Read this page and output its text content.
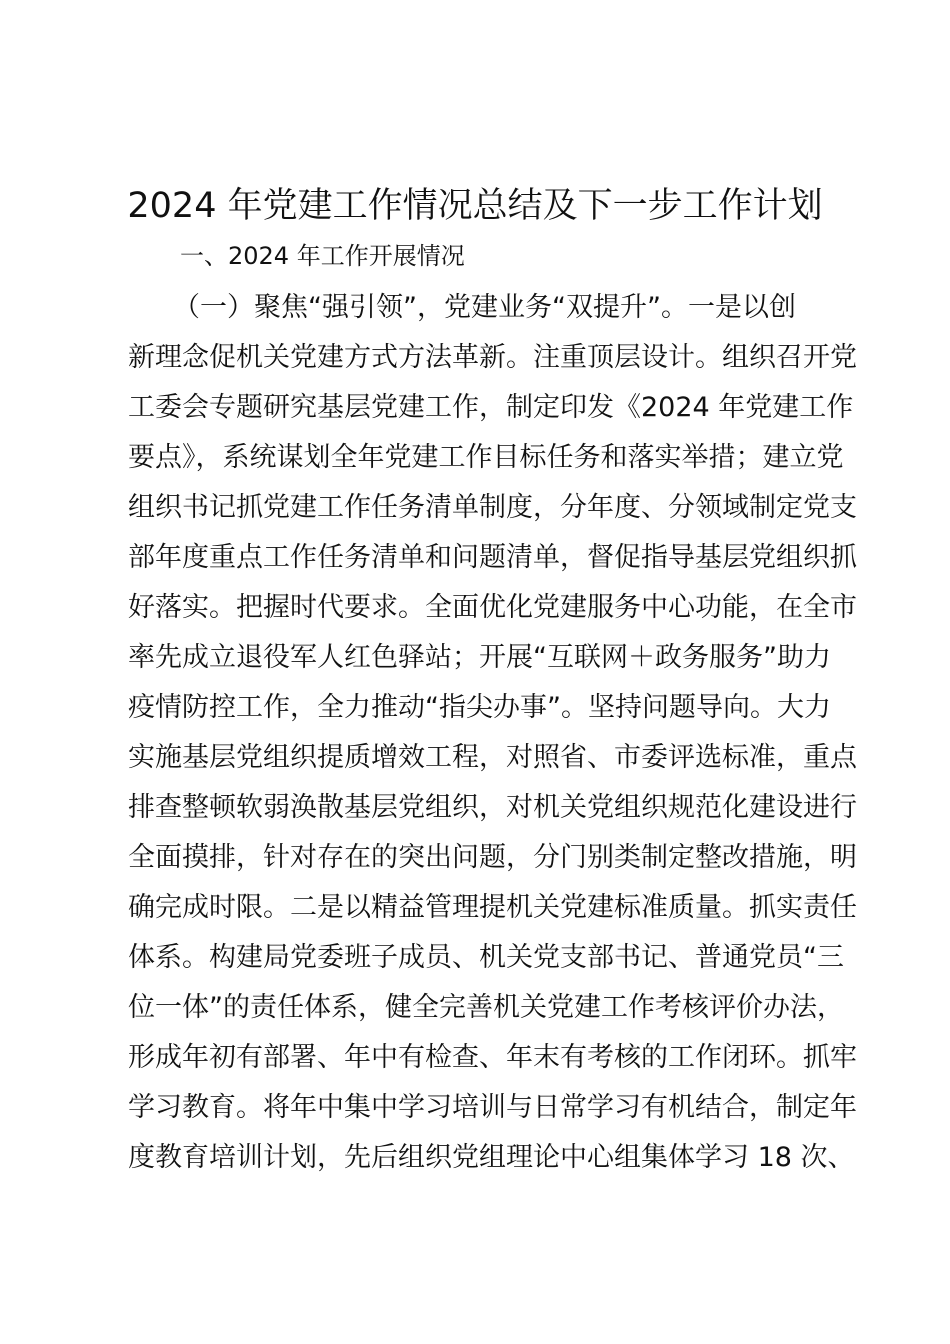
2024 年党建工作情况总结及下一步工作计划
一、2024 年工作开展情况
（一）聚焦“强引领”，党建业务“双提升”。一是以创
新理念促机关党建方式方法革新。注重顶层设计。组织召开党
工委会专题研究基层党建工作，制定印发《2024 年党建工作
要点》，系统谋划全年党建工作目标任务和落实举措；建立党
组织书记抓党建工作任务清单制度，分年度、分领域制定党支
部年度重点工作任务清单和问题清单，督促指导基层党组织抓
好落实。把握时代要求。全面优化党建服务中心功能，在全市
率先成立退役军人红色驿站；开展“互联网＋政务服务”助力
疫情防控工作，全力推动“指尖办事”。坚持问题导向。大力
实施基层党组织提质增效工程，对照省、市委评选标准，重点
排查整顿软弱涣散基层党组织，对机关党组织规范化建设进行
全面摸排，针对存在的突出问题，分门别类制定整改措施，明
确完成时限。二是以精益管理提机关党建标准质量。抓实责任
体系。构建局党委班子成员、机关党支部书记、普通党员“三
位一体”的责任体系，健全完善机关党建工作考核评价办法，
形成年初有部署、年中有检查、年末有考核的工作闭环。抓牢
学习教育。将年中集中学习培训与日常学习有机结合，制定年
度教育培训计划，先后组织党组理论中心组集体学习 18 次、
